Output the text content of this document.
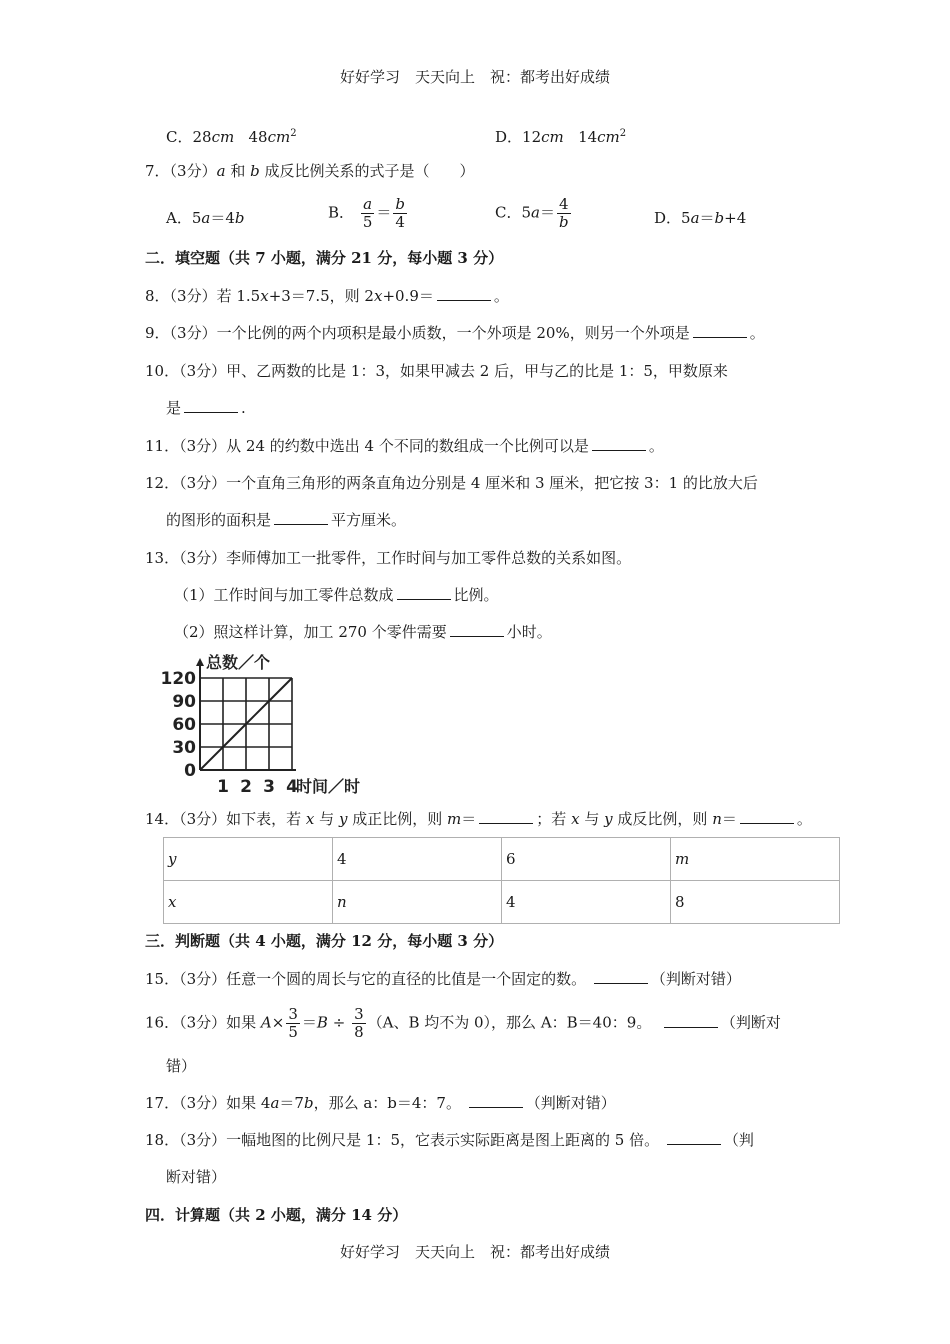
好好学习　天天向上　祝：都考出好成绩
C．28cm $48cm^2$	D．12cm $14cm^2$
7．（3分）a 和 b 成反比例关系的式子是（　　）
A．5a＝4b	B． $\frac{a}{5} = \frac{b}{4}$	C．$5a= \frac{4}{b}$	D．5a＝b+4
二．填空题（共 7 小题，满分 21 分，每小题 3 分）
8．（3分）若 1.5x+3＝7.5，则 2x+0.9＝	。
9．（3分）一个比例的两个内项积是最小质数，一个外项是 20%，则另一个外项是	。
10．（3分）甲、乙两数的比是 1：3，如果甲减去 2 后，甲与乙的比是 1：5，甲数原来
是	.
11．（3分）从 24 的约数中选出 4 个不同的数组成一个比例可以是	。
12．（3分）一个直角三角形的两条直角边分别是 4 厘米和 3 厘米，把它按 3：1 的比放大后
的图形的面积是	平方厘米。
13．（3分）李师傅加工一批零件，工作时间与加工零件总数的关系如图。
（1）工作时间与加工零件总数成	比例。
（2）照这样计算，加工 270 个零件需要	小时。
120
90
60
30
0
1 2 3 4
总数／个
时间／时
14．（3分）如下表，若 x 与 y 成正比例，则 m＝	；若 x 与 y 成反比例，则 n＝	。
y	4	6	m
x	n	4	8
三．判断题（共 4 小题，满分 12 分，每小题 3 分）
15．（3分）任意一个圆的周长与它的直径的比值是一个固定的数。	（判断对错）
16．（3分）如果 $A\times \frac{3}{5} =B \div \frac{3}{8} (A$、B 均不为 0），那么 A：B＝40：9。	（判断对
错）
17．（3分）如果 4a＝7b，那么 a：b＝4：7。	（判断对错）
18．（3分）一幅地图的比例尺是 1：5，它表示实际距离是图上距离的 5 倍。	（判
断对错）
四．计算题（共 2 小题，满分 14 分）
好好学习　天天向上　祝：都考出好成绩
